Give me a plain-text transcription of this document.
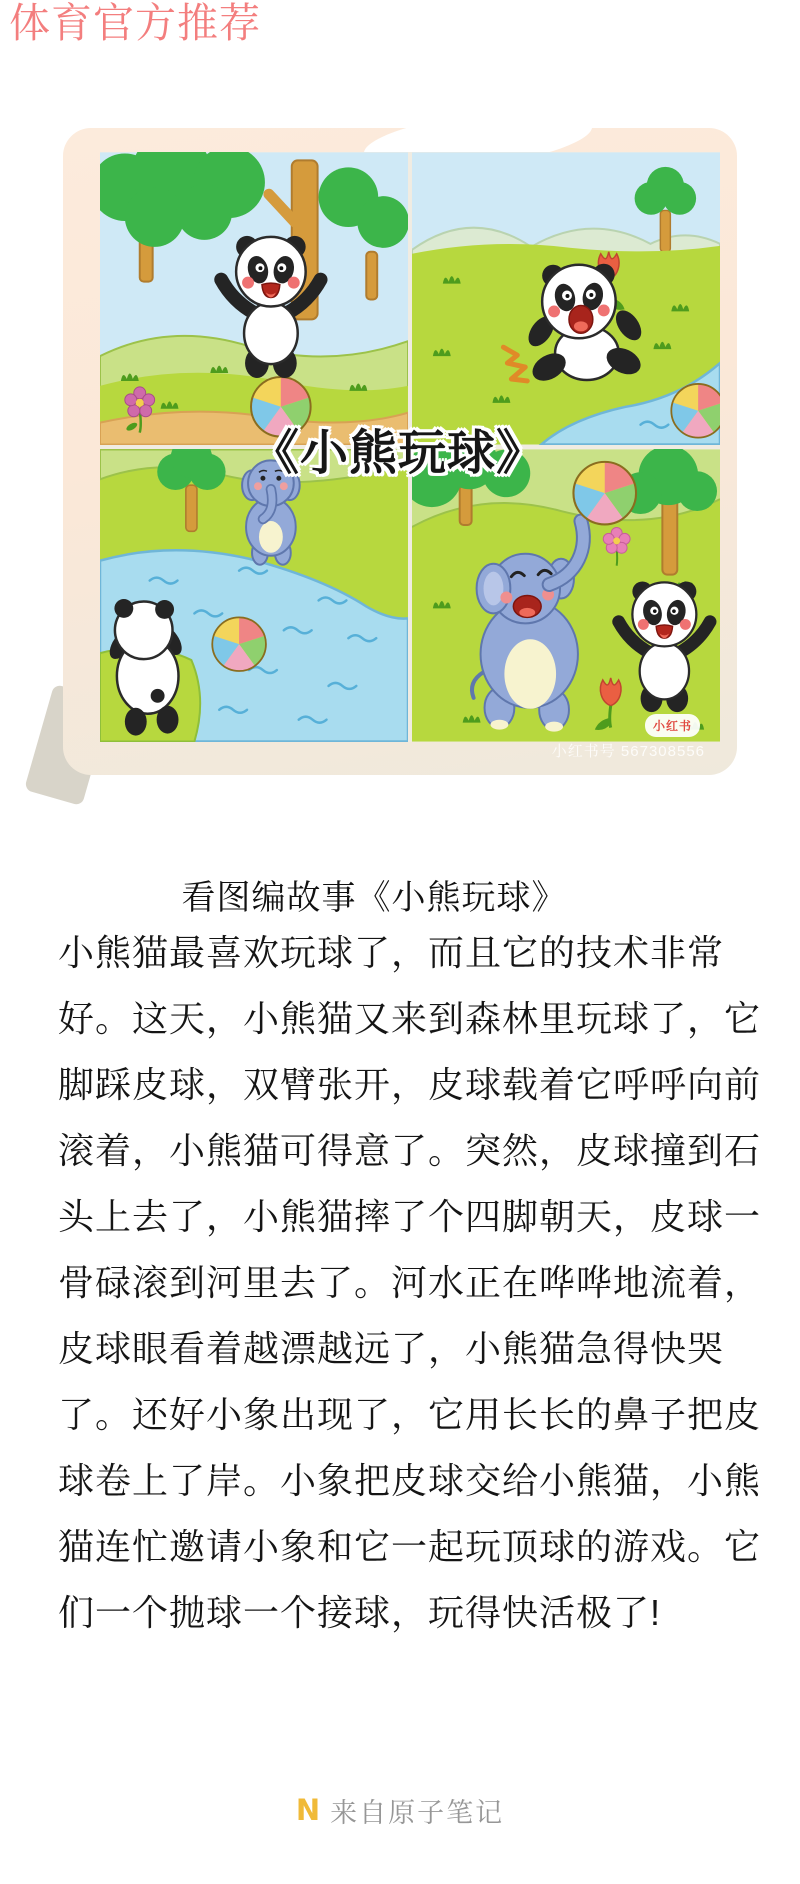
体育官方推荐
《小熊玩球》
小红书
小红书号 567308556
看图编故事《小熊玩球》
小熊猫最喜欢玩球了，而且它的技术非常
好。这天，小熊猫又来到森林里玩球了，它
脚踩皮球，双臂张开，皮球载着它呼呼向前
滚着，小熊猫可得意了。突然，皮球撞到石
头上去了，小熊猫摔了个四脚朝天，皮球一
骨碌滚到河里去了。河水正在哗哗地流着，
皮球眼看着越漂越远了，小熊猫急得快哭
了。还好小象出现了，它用长长的鼻子把皮
球卷上了岸。小象把皮球交给小熊猫，小熊
猫连忙邀请小象和它一起玩顶球的游戏。它
们一个抛球一个接球，玩得快活极了!
N 来自原子笔记
